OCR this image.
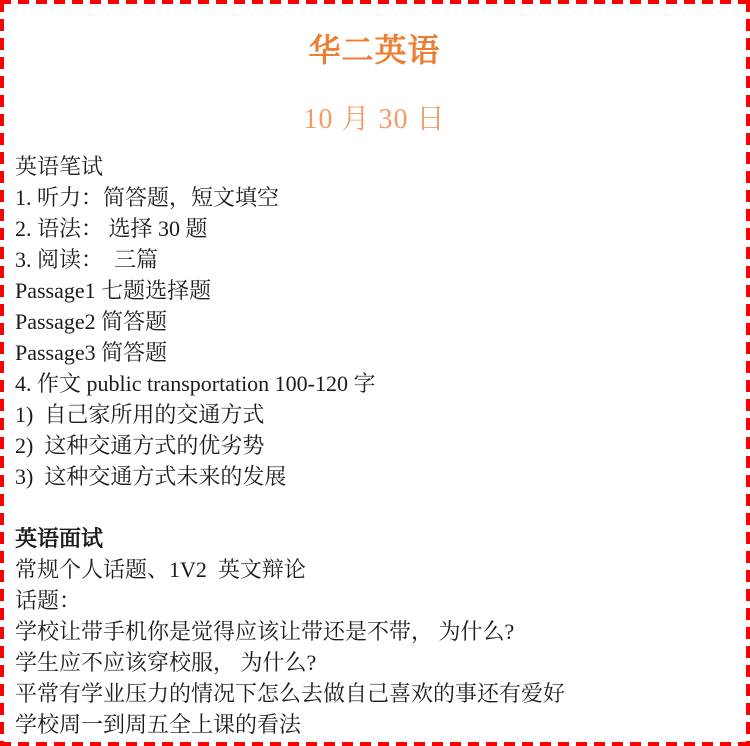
华二英语
10 月 30 日
英语笔试
1. 听力：简答题，短文填空
2. 语法： 选择 30 题
3. 阅读：  三篇
Passage1 七题选择题
Passage2 简答题
Passage3 简答题
4. 作文 public transportation 100-120 字
1)  自己家所用的交通方式
2)  这种交通方式的优劣势
3)  这种交通方式未来的发展
英语面试
常规个人话题、1V2  英文辩论
话题：
学校让带手机你是觉得应该让带还是不带， 为什么?
学生应不应该穿校服， 为什么?
平常有学业压力的情况下怎么去做自己喜欢的事还有爱好
学校周一到周五全上课的看法
